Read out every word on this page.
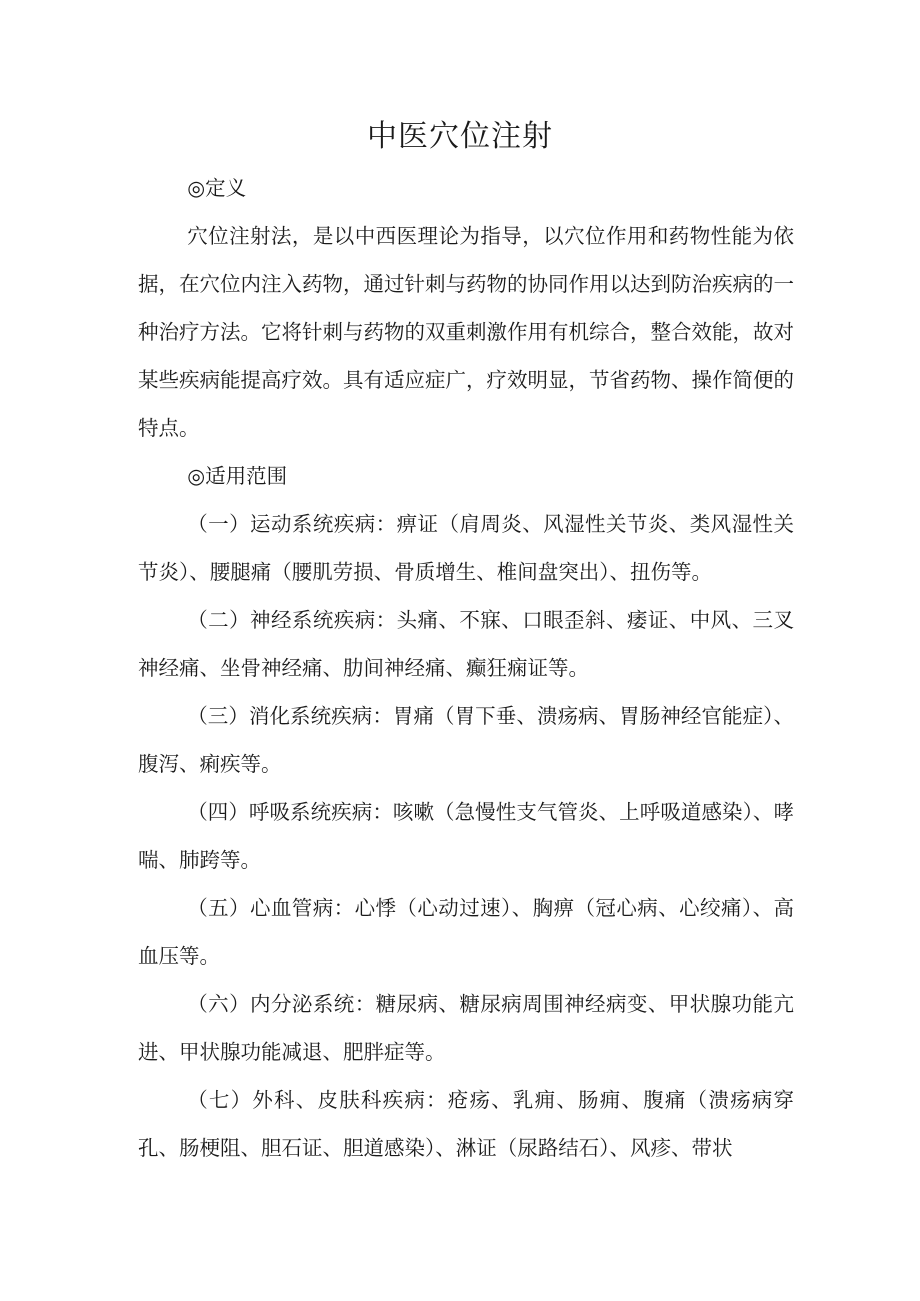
中医穴位注射

◎定义

穴位注射法，是以中西医理论为指导，以穴位作用和药物性能为依据，在穴位内注入药物，通过针刺与药物的协同作用以达到防治疾病的一种治疗方法。它将针刺与药物的双重刺激作用有机综合，整合效能，故对某些疾病能提高疗效。具有适应症广，疗效明显，节省药物、操作简便的特点。

◎适用范围

（一）运动系统疾病：痹证（肩周炎、风湿性关节炎、类风湿性关节炎）、腰腿痛（腰肌劳损、骨质增生、椎间盘突出）、扭伤等。

（二）神经系统疾病：头痛、不寐、口眼歪斜、痿证、中风、三叉神经痛、坐骨神经痛、肋间神经痛、癫狂痫证等。

（三）消化系统疾病：胃痛（胃下垂、溃疡病、胃肠神经官能症）、腹泻、痢疾等。

（四）呼吸系统疾病：咳嗽（急慢性支气管炎、上呼吸道感染）、哮喘、肺跨等。

（五）心血管病：心悸（心动过速）、胸痹（冠心病、心绞痛）、高血压等。

（六）内分泌系统：糖尿病、糖尿病周围神经病变、甲状腺功能亢进、甲状腺功能减退、肥胖症等。

（七）外科、皮肤科疾病：疮疡、乳痈、肠痈、腹痛（溃疡病穿孔、肠梗阻、胆石证、胆道感染）、淋证（尿路结石）、风疹、带状
